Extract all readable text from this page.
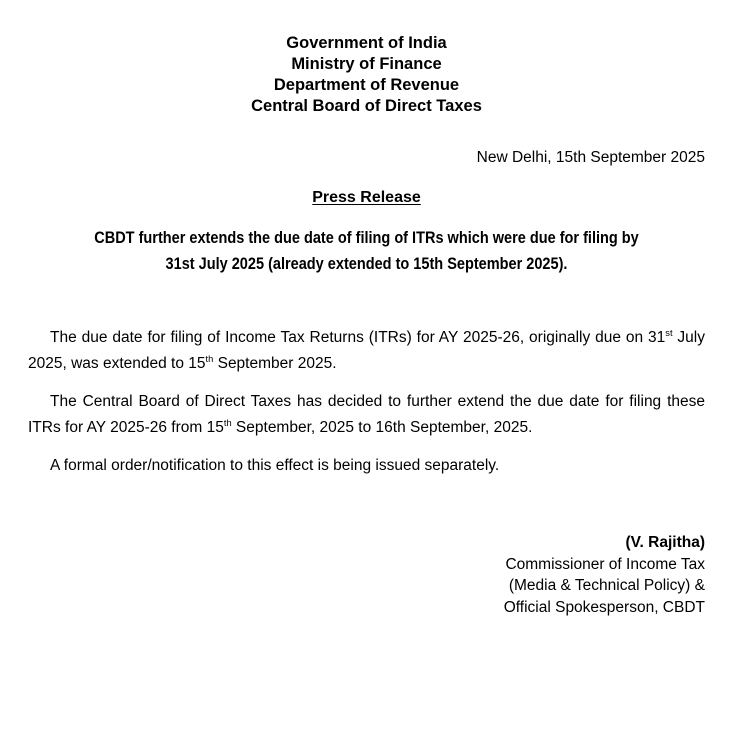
Government of India
Ministry of Finance
Department of Revenue
Central Board of Direct Taxes
New Delhi, 15th September 2025
Press Release
CBDT further extends the due date of filing of ITRs which were due for filing by
31st July 2025 (already extended to 15th September 2025).

The due date for filing of Income Tax Returns (ITRs) for AY 2025-26, originally due on 31st July 2025, was extended to 15th September 2025.

The Central Board of Direct Taxes has decided to further extend the due date for filing these ITRs for AY 2025-26 from 15th September, 2025 to 16th September, 2025.

A formal order/notification to this effect is being issued separately.

(V. Rajitha)
Commissioner of Income Tax
(Media & Technical Policy) &
Official Spokesperson, CBDT
